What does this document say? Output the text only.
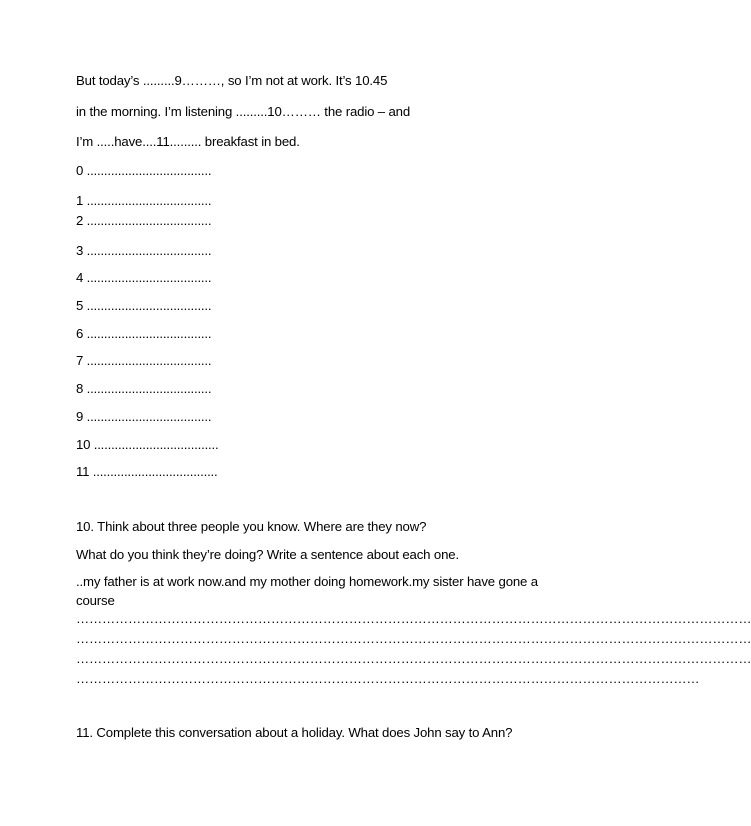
But today’s .........9………, so I’m not at work. It’s 10.45
in the morning. I’m listening .........10……… the radio – and
I’m .....have....11......... breakfast in bed.
0 ....................................
1 ....................................
2 ....................................
3 ....................................
4 ....................................
5 ....................................
6 ....................................
7 ....................................
8 ....................................
9 ....................................
10 ....................................
11 ....................................
10. Think about three people you know. Where are they now?
What do you think they’re doing? Write a sentence about each one.
..my father is at work now.and my mother doing homework.my sister have gone a
course
…………………………………………………………………………………………………………………………………………
…………………………………………………………………………………………………………………………………………
…………………………………………………………………………………………………………………………………………
………………………………………………………………………………………………………………………………
11. Complete this conversation about a holiday. What does John say to Ann?
